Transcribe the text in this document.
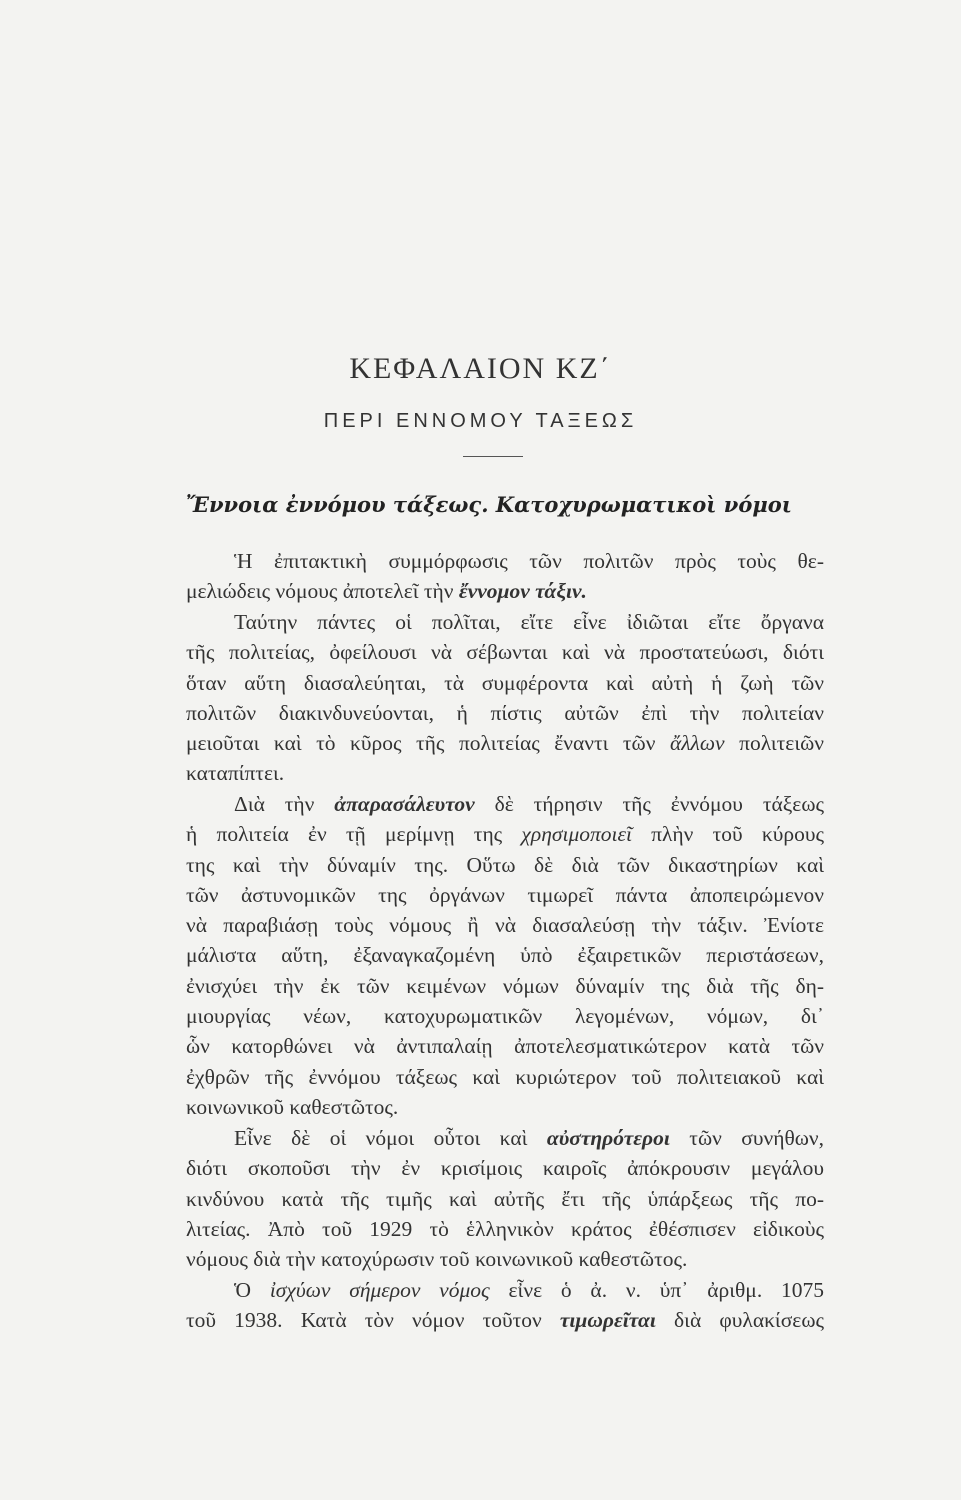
ΚΕΦΑΛΑΙΟΝ ΚΖ΄
ΠΕΡΙ ΕΝΝΟΜΟΥ ΤΑΞΕΩΣ
Ἔννοια ἐννόμου τάξεως. Κατοχυρωματικοὶ νόμοι
Ἡ ἐπιτακτικὴ συμμόρφωσις τῶν πολιτῶν πρὸς τοὺς θε-
μελιώδεις νόμους ἀποτελεῖ τὴν ἔννομον τάξιν.
Ταύτην πάντες οἱ πολῖται, εἴτε εἶνε ἰδιῶται εἴτε ὄργανα
τῆς πολιτείας, ὀφείλουσι νὰ σέβωνται καὶ νὰ προστατεύωσι, διότι
ὅταν αὕτη διασαλεύηται, τὰ συμφέροντα καὶ αὐτὴ ἡ ζωὴ τῶν
πολιτῶν διακινδυνεύονται, ἡ πίστις αὐτῶν ἐπὶ τὴν πολιτείαν
μειοῦται καὶ τὸ κῦρος τῆς πολιτείας ἔναντι τῶν ἄλλων πολιτειῶν
καταπίπτει.
Διὰ τὴν ἀπαρασάλευτον δὲ τήρησιν τῆς ἐννόμου τάξεως
ἡ πολιτεία ἐν τῇ μερίμνῃ της χρησιμοποιεῖ πλὴν τοῦ κύρους
της καὶ τὴν δύναμίν της. Οὕτω δὲ διὰ τῶν δικαστηρίων καὶ
τῶν ἀστυνομικῶν της ὀργάνων τιμωρεῖ πάντα ἀποπειρώμενον
νὰ παραβιάσῃ τοὺς νόμους ἢ νὰ διασαλεύσῃ τὴν τάξιν. Ἐνίοτε
μάλιστα αὕτη, ἐξαναγκαζομένη ὑπὸ ἐξαιρετικῶν περιστάσεων,
ἐνισχύει τὴν ἐκ τῶν κειμένων νόμων δύναμίν της διὰ τῆς δη-
μιουργίας νέων, κατοχυρωματικῶν λεγομένων, νόμων, δι᾿
ὧν κατορθώνει νὰ ἀντιπαλαίῃ ἀποτελεσματικώτερον κατὰ τῶν
ἐχθρῶν τῆς ἐννόμου τάξεως καὶ κυριώτερον τοῦ πολιτειακοῦ καὶ
κοινωνικοῦ καθεστῶτος.
Εἶνε δὲ οἱ νόμοι οὗτοι καὶ αὐστηρότεροι τῶν συνήθων,
διότι σκοποῦσι τὴν ἐν κρισίμοις καιροῖς ἀπόκρουσιν μεγάλου
κινδύνου κατὰ τῆς τιμῆς καὶ αὐτῆς ἔτι τῆς ὑπάρξεως τῆς πο-
λιτείας. Ἀπὸ τοῦ 1929 τὸ ἑλληνικὸν κράτος ἐθέσπισεν εἰδικοὺς
νόμους διὰ τὴν κατοχύρωσιν τοῦ κοινωνικοῦ καθεστῶτος.
Ὁ ἰσχύων σήμερον νόμος εἶνε ὁ ἀ. ν. ὑπ᾿ ἀριθμ. 1075
τοῦ 1938. Κατὰ τὸν νόμον τοῦτον τιμωρεῖται διὰ φυλακίσεως
